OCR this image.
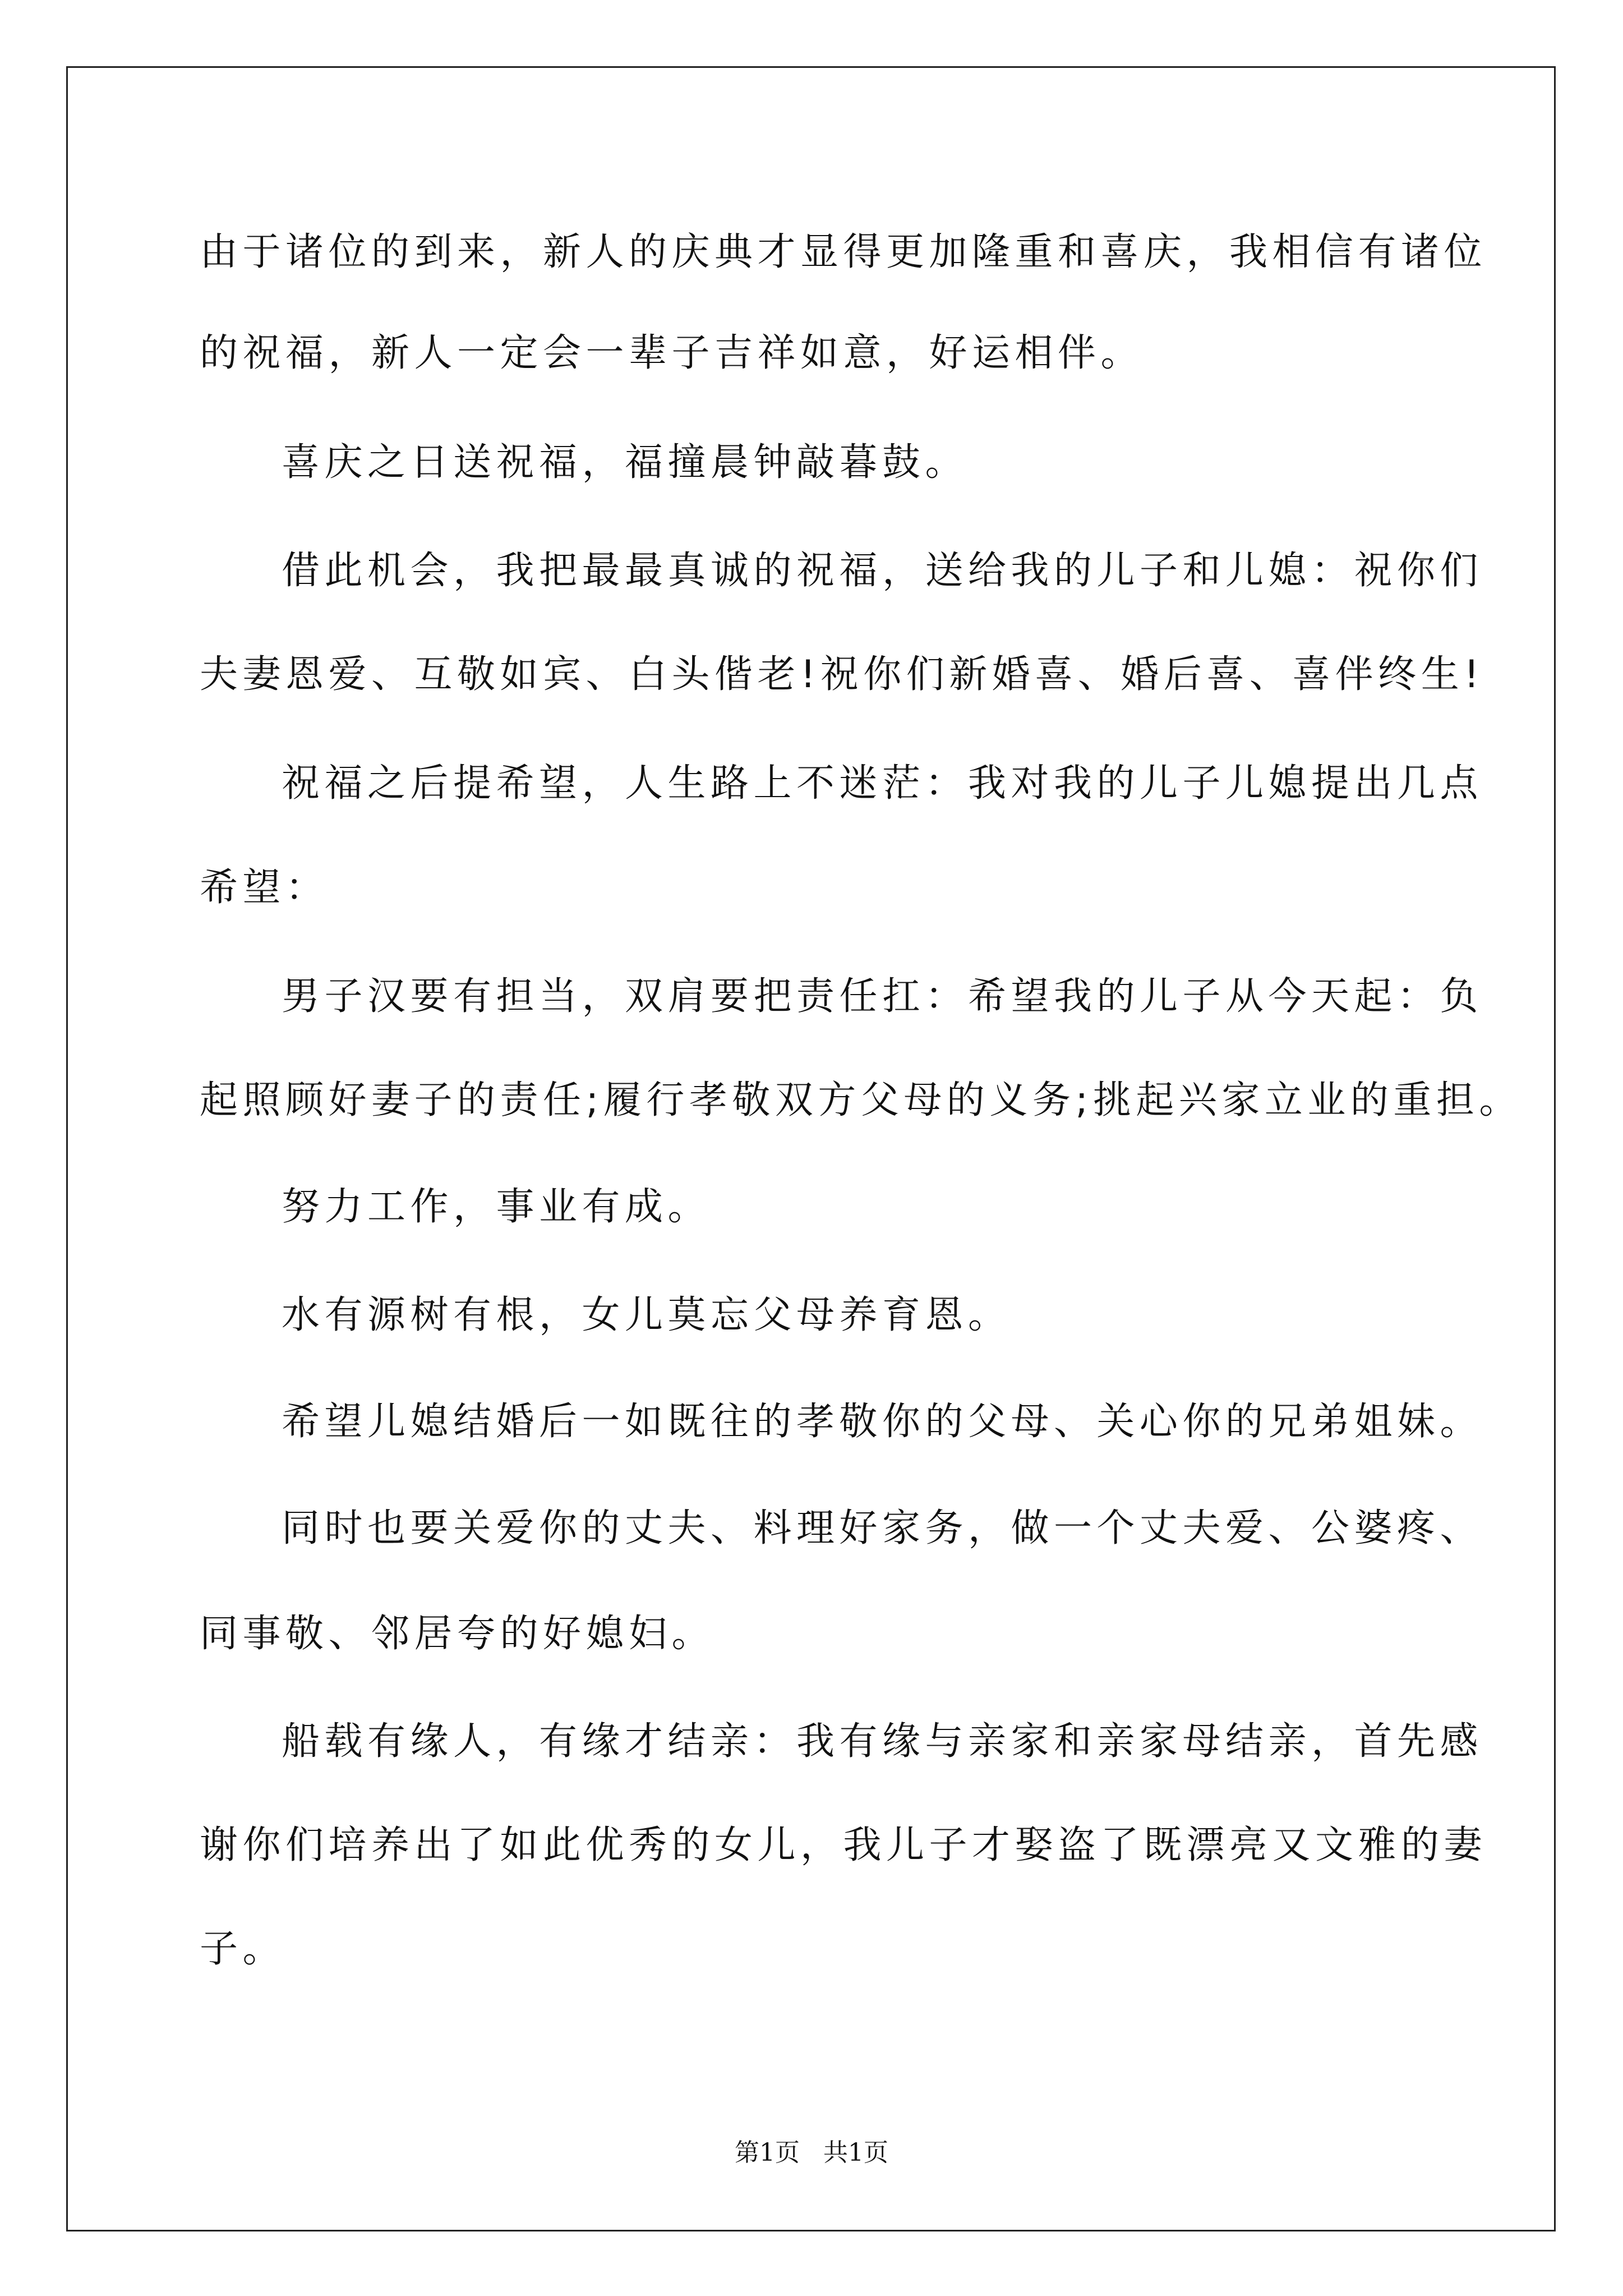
由于诸位的到来，新人的庆典才显得更加隆重和喜庆，我相信有诸位
的祝福，新人一定会一辈子吉祥如意，好运相伴。
喜庆之日送祝福，福撞晨钟敲暮鼓。
借此机会，我把最最真诚的祝福，送给我的儿子和儿媳：祝你们
夫妻恩爱、互敬如宾、白头偕老!祝你们新婚喜、婚后喜、喜伴终生!
祝福之后提希望，人生路上不迷茫：我对我的儿子儿媳提出几点
希望：
男子汉要有担当，双肩要把责任扛：希望我的儿子从今天起：负
起照顾好妻子的责任;履行孝敬双方父母的义务;挑起兴家立业的重担。
努力工作，事业有成。
水有源树有根，女儿莫忘父母养育恩。
希望儿媳结婚后一如既往的孝敬你的父母、关心你的兄弟姐妹。
同时也要关爱你的丈夫、料理好家务，做一个丈夫爱、公婆疼、
同事敬、邻居夸的好媳妇。
船载有缘人，有缘才结亲：我有缘与亲家和亲家母结亲，首先感
谢你们培养出了如此优秀的女儿，我儿子才娶盗了既漂亮又文雅的妻
子。
第1页   共1页
